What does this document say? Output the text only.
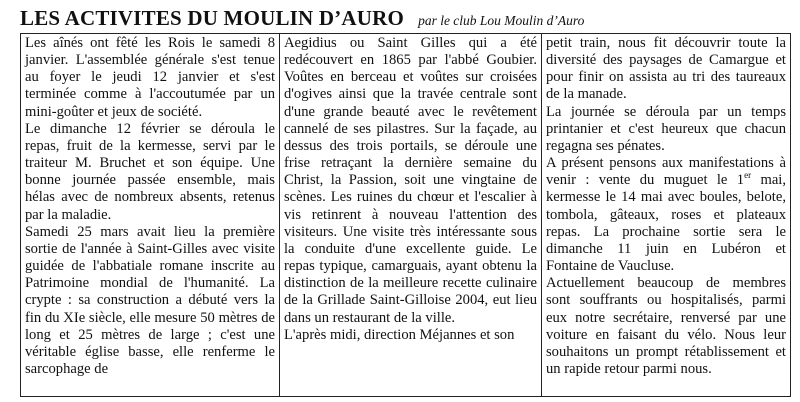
LES ACTIVITES DU MOULIN D’AURO par le club Lou Moulin d’Auro

Les aînés ont fêté les Rois le samedi 8 janvier. L'assemblée générale s'est tenue au foyer le jeudi 12 janvier et s'est terminée comme à l'accoutumée par un mini-goûter et jeux de société.

Le dimanche 12 février se déroula le repas, fruit de la kermesse, servi par le traiteur M. Bruchet et son équipe. Une bonne journée passée ensemble, mais hélas avec de nombreux absents, retenus par la maladie.

Samedi 25 mars avait lieu la première sortie de l'année à Saint-Gilles avec visite guidée de l'abbatiale romane inscrite au Patrimoine mondial de l'humanité. La crypte : sa construction a débuté vers la fin du XIe siècle, elle mesure 50 mètres de long et 25 mètres de large ; c'est une véritable église basse, elle renferme le sarcophage de

Aegidius ou Saint Gilles qui a été redécouvert en 1865 par l'abbé Goubier. Voûtes en berceau et voûtes sur croisées d'ogives ainsi que la travée centrale sont d'une grande beauté avec le revêtement cannelé de ses pilastres. Sur la façade, au dessus des trois portails, se déroule une frise retraçant la dernière semaine du Christ, la Passion, soit une vingtaine de scènes. Les ruines du chœur et l'escalier à vis retinrent à nouveau l'attention des visiteurs. Une visite très intéressante sous la conduite d'une excellente guide. Le repas typique, camarguais, ayant obtenu la distinction de la meilleure recette culinaire de la Grillade Saint-Gilloise 2004, eut lieu dans un restaurant de la ville.

L'après midi, direction Méjannes et son

petit train, nous fit découvrir toute la diversité des paysages de Camargue et pour finir on assista au tri des taureaux de la manade.

La journée se déroula par un temps printanier et c'est heureux que chacun regagna ses pénates.

A présent pensons aux manifestations à venir : vente du muguet le 1er mai, kermesse le 14 mai avec boules, belote, tombola, gâteaux, roses et plateaux repas. La prochaine sortie sera le dimanche 11 juin en Lubéron et Fontaine de Vaucluse.

Actuellement beaucoup de membres sont souffrants ou hospitalisés, parmi eux notre secrétaire, renversé par une voiture en faisant du vélo. Nous leur souhaitons un prompt rétablissement et un rapide retour parmi nous.
